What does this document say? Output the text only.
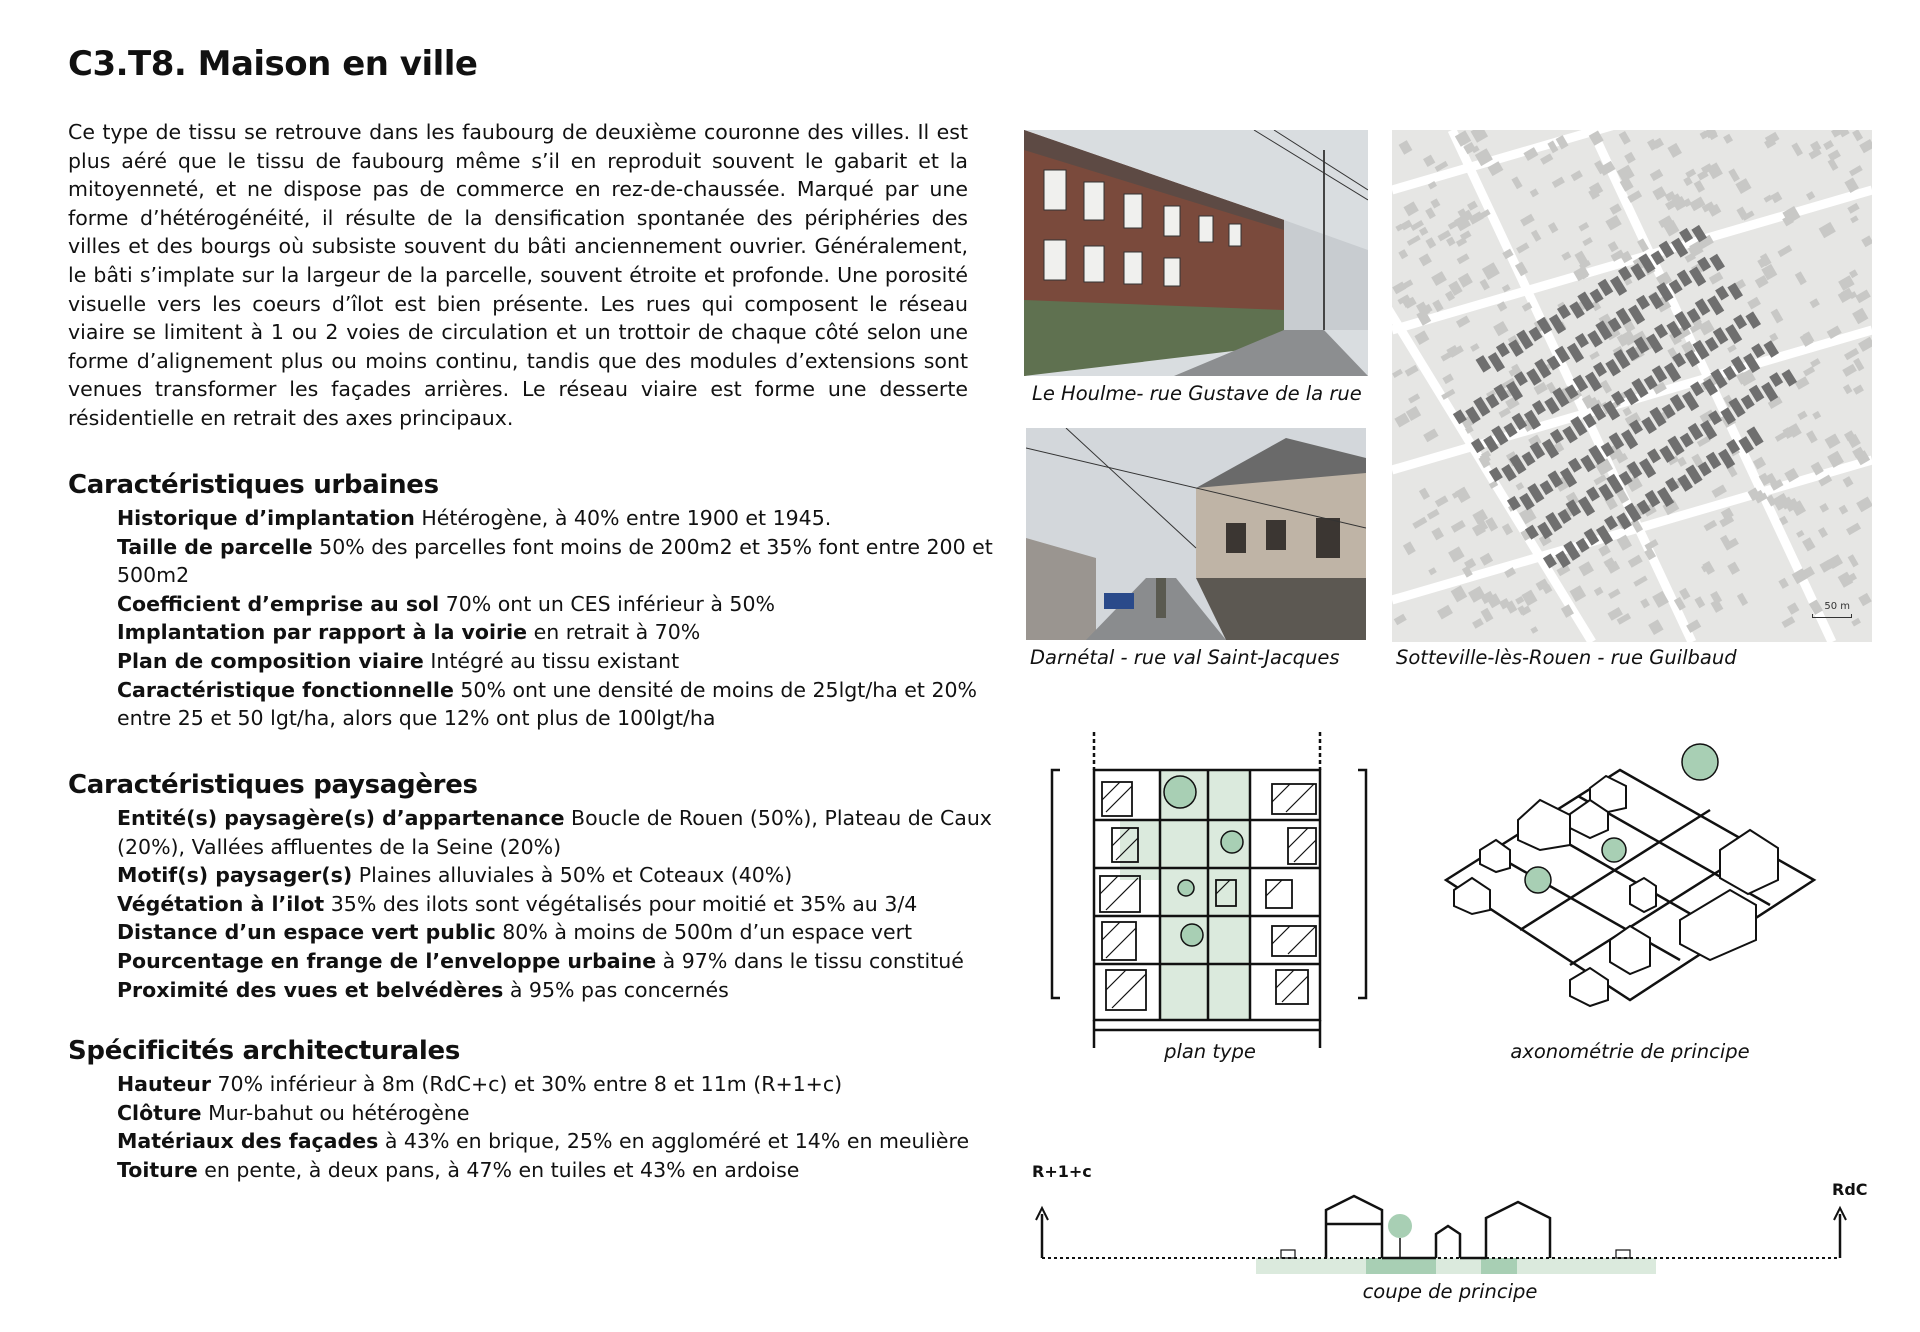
C3.T8. Maison en ville

Ce type de tissu se retrouve dans les faubourg de deuxième couronne des villes. Il est plus aéré que le tissu de faubourg même s’il en reproduit souvent le gabarit et la mitoyenneté, et ne dispose pas de commerce en rez-de-chaussée. Marqué par une forme d’hétérogénéité, il résulte de la densification spontanée des périphéries des villes et des bourgs où subsiste souvent du bâti anciennement ouvrier. Généralement, le bâti s’implate sur la largeur de la parcelle, souvent étroite et profonde. Une porosité visuelle vers les coeurs d’îlot est bien présente. Les rues qui composent le réseau viaire se limitent à 1 ou 2 voies de circulation et un trottoir de chaque côté selon une forme d’alignement plus ou moins continu, tandis que des modules d’extensions sont venues transformer les façades arrières. Le réseau viaire est forme une desserte résidentielle en retrait des axes principaux.

Caractéristiques urbaines
Historique d’implantation Hétérogène, à 40% entre 1900 et 1945.
Taille de parcelle 50% des parcelles font moins de 200m2 et 35% font entre 200 et 500m2
Coefficient d’emprise au sol 70% ont un CES inférieur à 50%
Implantation par rapport à la voirie en retrait à 70%
Plan de composition viaire Intégré au tissu existant
Caractéristique fonctionnelle 50% ont une densité de moins de 25lgt/ha et 20% entre 25 et 50 lgt/ha, alors que 12% ont plus de 100lgt/ha
Caractéristiques paysagères
Entité(s) paysagère(s) d’appartenance Boucle de Rouen (50%), Plateau de Caux (20%), Vallées affluentes de la Seine (20%)
Motif(s) paysager(s) Plaines alluviales à 50% et Coteaux (40%)
Végétation à l’ilot 35% des ilots sont végétalisés pour moitié et 35% au 3/4
Distance d’un espace vert public 80% à moins de 500m d’un espace vert
Pourcentage en frange de l’enveloppe urbaine à 97% dans le tissu constitué
Proximité des vues et belvédères à 95% pas concernés
Spécificités architecturales
Hauteur 70% inférieur à 8m (RdC+c) et 30% entre 8 et 11m (R+1+c)
Clôture Mur-bahut ou hétérogène
Matériaux des façades à 43% en brique, 25% en aggloméré et 14% en meulière
Toiture en pente, à deux pans, à 47% en tuiles et 43% en ardoise
Le Houlme- rue Gustave de la rue
Darnétal - rue val Saint-Jacques
50 m
Sotteville-lès-Rouen - rue Guilbaud
plan type	axonométrie de principe
R+1+c
RdC
coupe de principe
